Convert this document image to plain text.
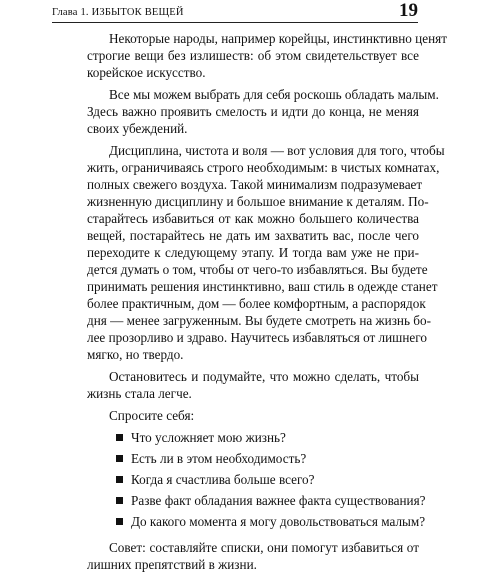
Глава 1. ИЗБЫТОК ВЕЩЕЙ	19

Некоторые народы, например корейцы, инстинктивно ценят
строгие вещи без излишеств: об этом свидетельствует все
корейское искусство.

Все мы можем выбрать для себя роскошь обладать малым.
Здесь важно проявить смелость и идти до конца, не меняя
своих убеждений.

Дисциплина, чистота и воля — вот условия для того, чтобы
жить, ограничиваясь строго необходимым: в чистых комнатах,
полных свежего воздуха. Такой минимализм подразумевает
жизненную дисциплину и большое внимание к деталям. По-
старайтесь избавиться от как можно большего количества
вещей, постарайтесь не дать им захватить вас, после чего
переходите к следующему этапу. И тогда вам уже не при-
дется думать о том, чтобы от чего-то избавляться. Вы будете
принимать решения инстинктивно, ваш стиль в одежде станет
более практичным, дом — более комфортным, а распорядок
дня — менее загруженным. Вы будете смотреть на жизнь бо-
лее прозорливо и здраво. Научитесь избавляться от лишнего
мягко, но твердо.

Остановитесь и подумайте, что можно сделать, чтобы
жизнь стала легче.

Спросите себя:

Что усложняет мою жизнь?
Есть ли в этом необходимость?
Когда я счастлива больше всего?
Разве факт обладания важнее факта существования?
До какого момента я могу довольствоваться малым?

Совет: составляйте списки, они помогут избавиться от
лишних препятствий в жизни.
